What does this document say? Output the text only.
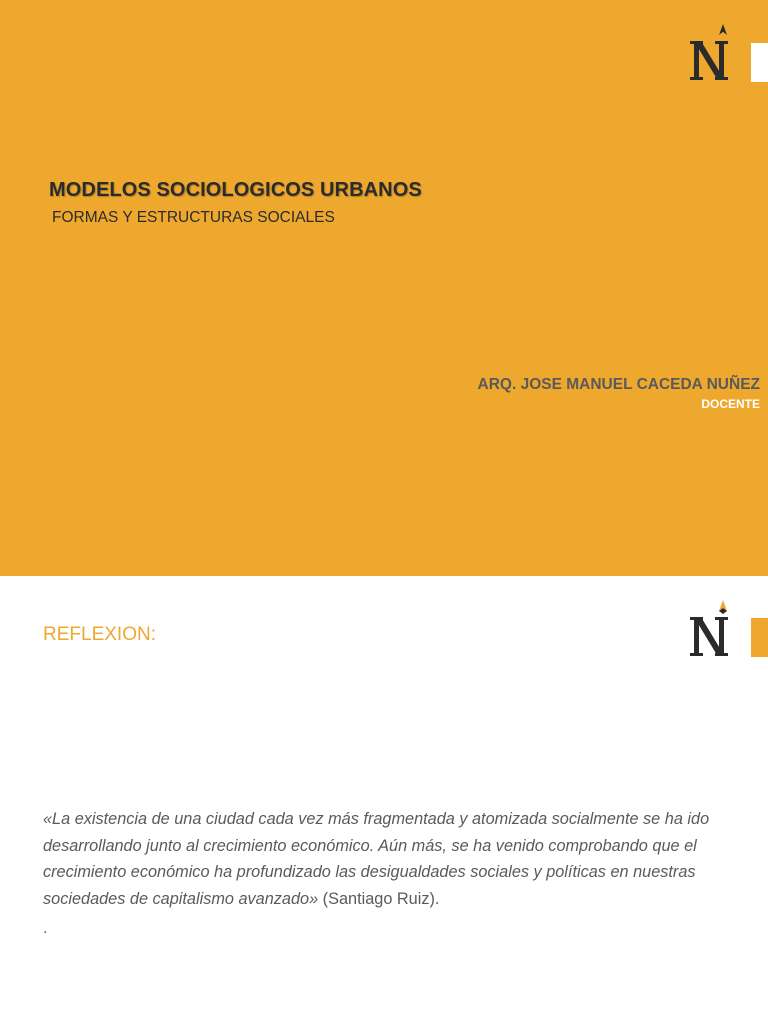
MODELOS SOCIOLOGICOS URBANOS
FORMAS Y ESTRUCTURAS SOCIALES
ARQ. JOSE MANUEL CACEDA NUÑEZ
DOCENTE
REFLEXION:
«La existencia de una ciudad cada vez más fragmentada y atomizada socialmente se ha ido desarrollando junto al crecimiento económico. Aún más, se ha venido comprobando que el crecimiento económico ha profundizado las desigualdades sociales y políticas en nuestras sociedades de capitalismo avanzado» (Santiago Ruiz).
.
